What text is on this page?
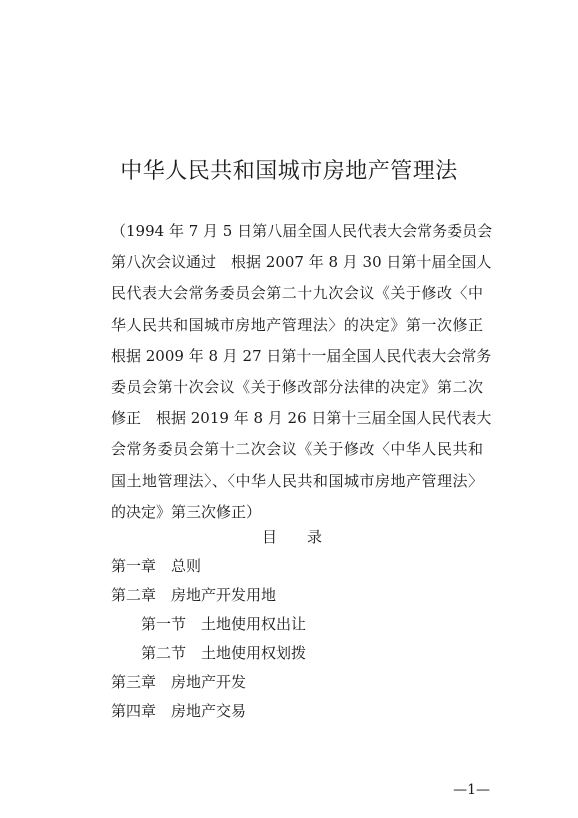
中华人民共和国城市房地产管理法
（1994 年 7 月 5 日第八届全国人民代表大会常务委员会
第八次会议通过　根据 2007 年 8 月 30 日第十届全国人
民代表大会常务委员会第二十九次会议《关于修改〈中
华人民共和国城市房地产管理法〉的决定》第一次修正
根据 2009 年 8 月 27 日第十一届全国人民代表大会常务
委员会第十次会议《关于修改部分法律的决定》第二次
修正　根据 2019 年 8 月 26 日第十三届全国人民代表大
会常务委员会第十二次会议《关于修改〈中华人民共和
国土地管理法〉、〈中华人民共和国城市房地产管理法〉
的决定》第三次修正）
目 录
第一章 总则
第二章 房地产开发用地
第一节 土地使用权出让
第二节 土地使用权划拨
第三章 房地产开发
第四章 房地产交易
—1—
